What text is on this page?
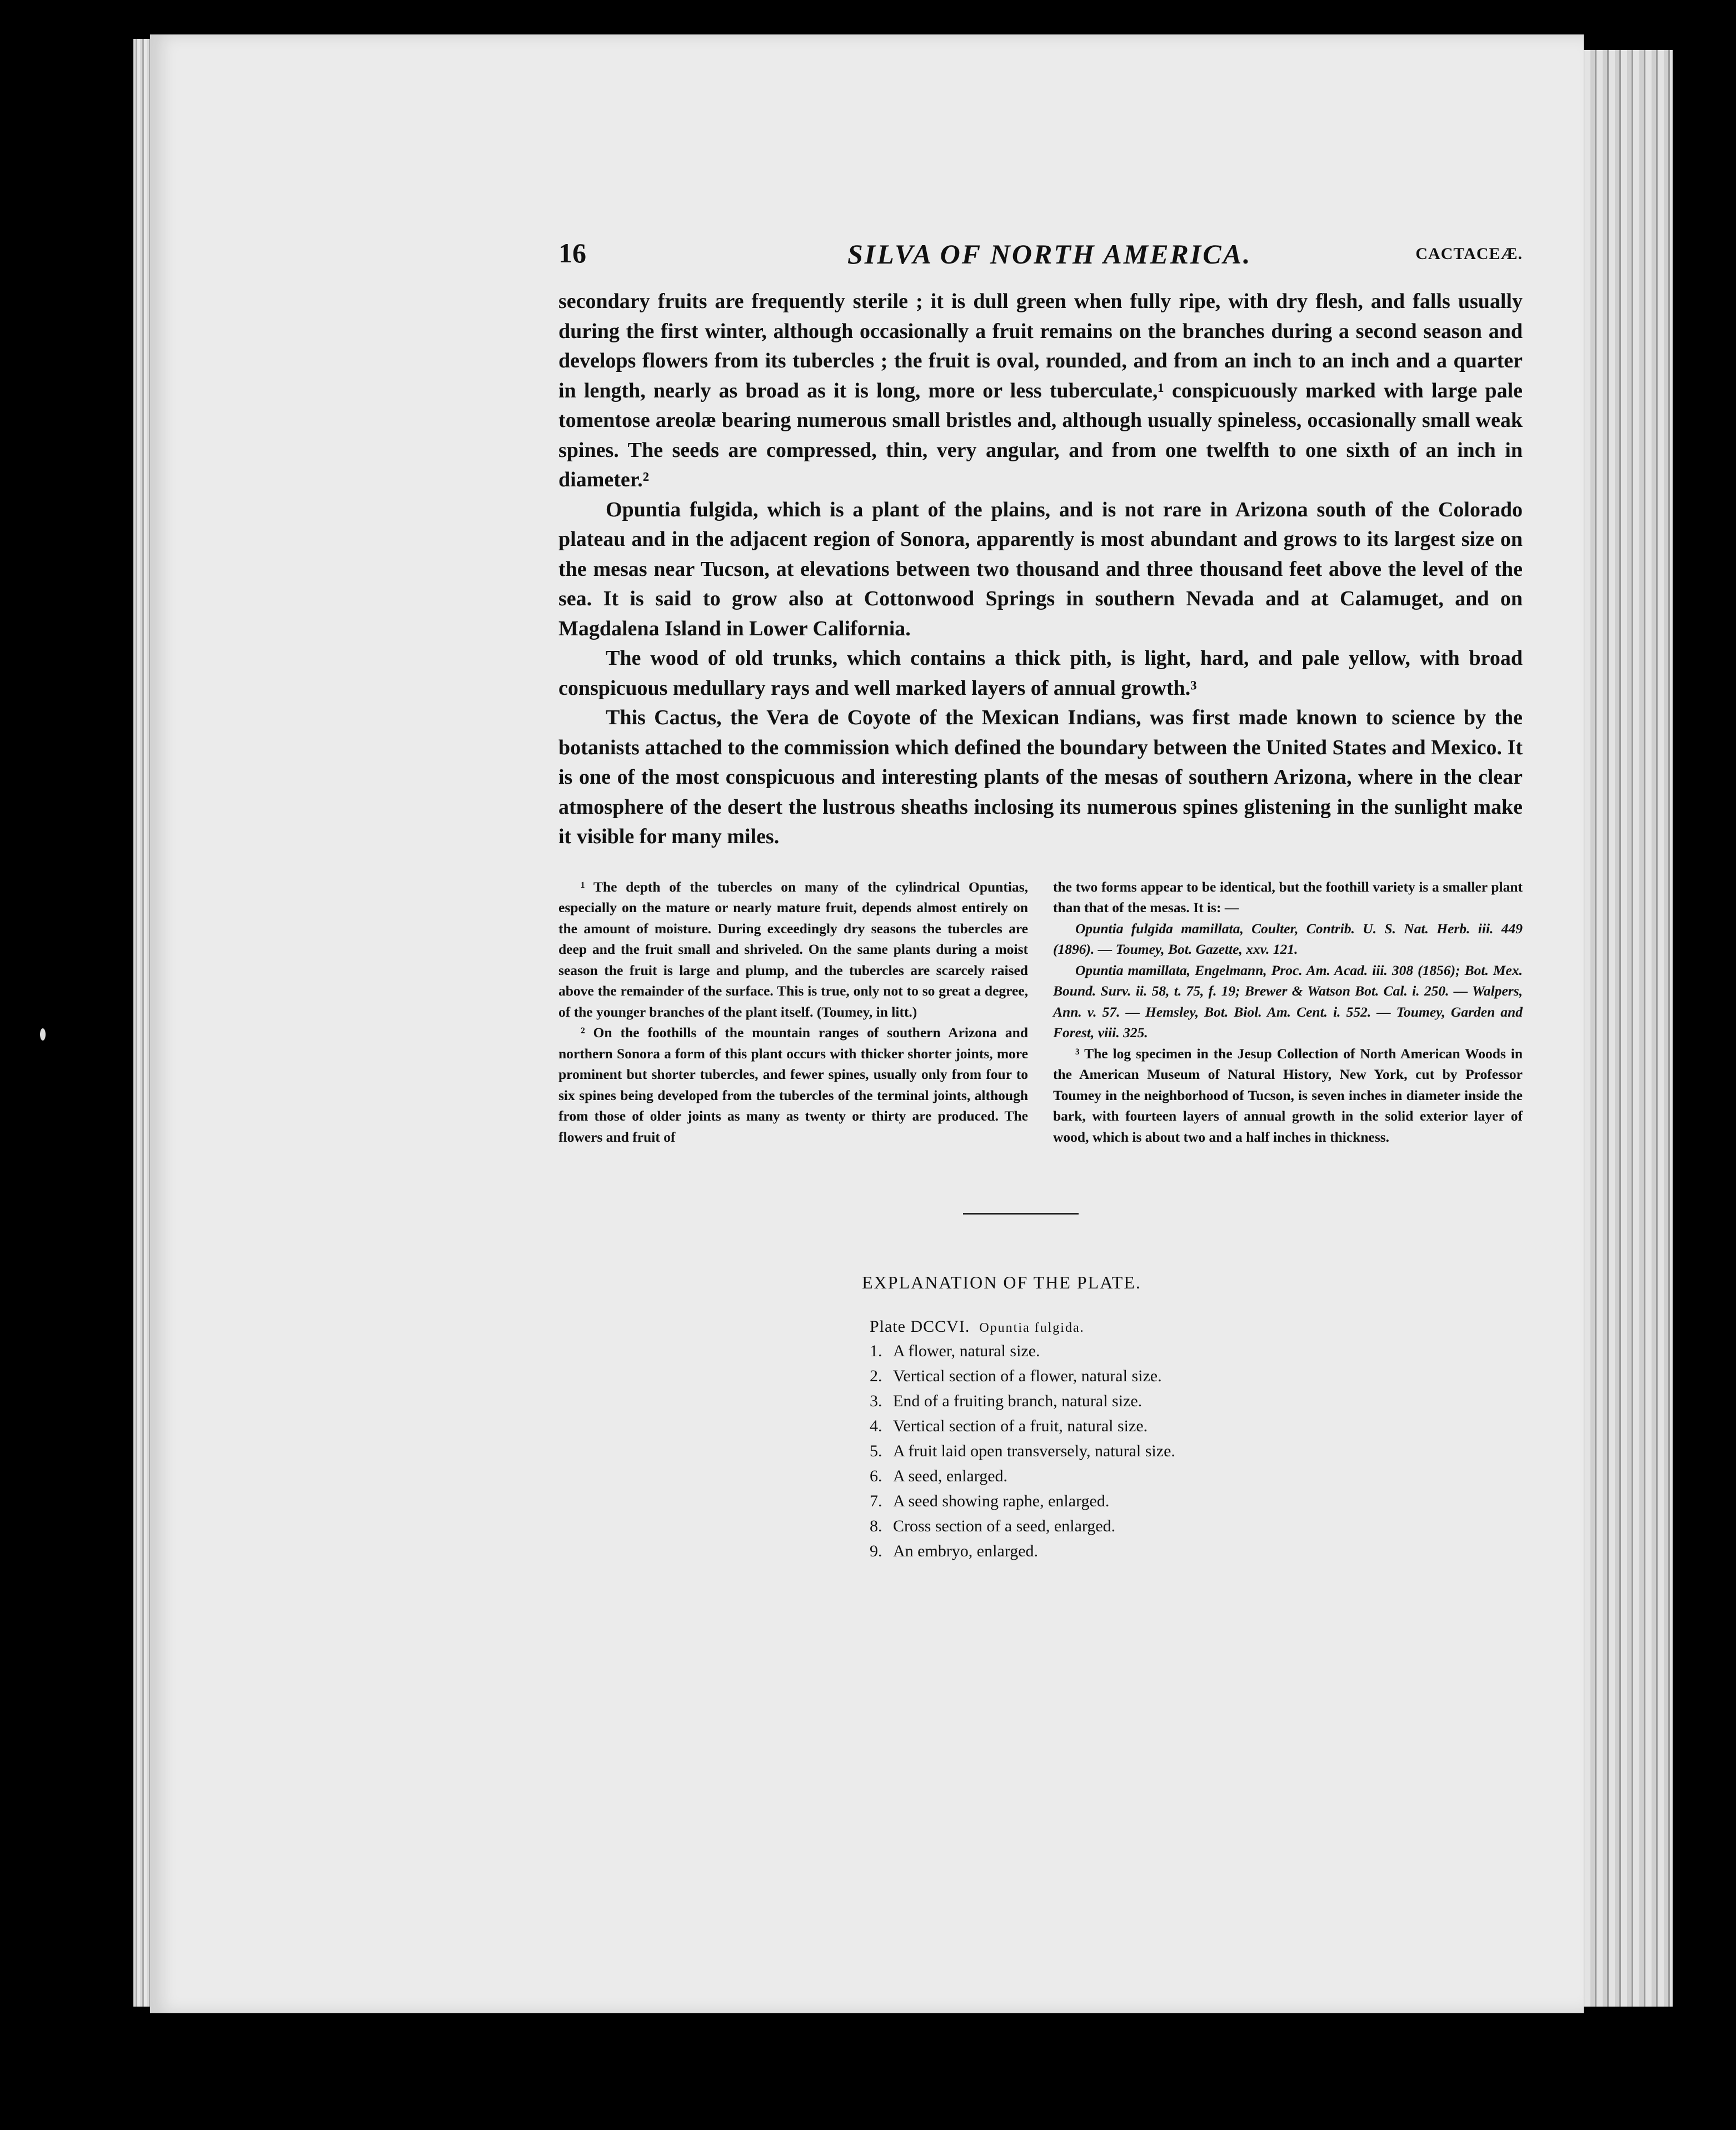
16	SILVA OF NORTH AMERICA.	CACTACEÆ.

secondary fruits are frequently sterile ; it is dull green when fully ripe, with dry flesh, and falls usually during the first winter, although occasionally a fruit remains on the branches during a second season and develops flowers from its tubercles ; the fruit is oval, rounded, and from an inch to an inch and a quarter in length, nearly as broad as it is long, more or less tuberculate,¹ conspicuously marked with large pale tomentose areolæ bearing numerous small bristles and, although usually spineless, occasionally small weak spines. The seeds are compressed, thin, very angular, and from one twelfth to one sixth of an inch in diameter.²

Opuntia fulgida, which is a plant of the plains, and is not rare in Arizona south of the Colorado plateau and in the adjacent region of Sonora, apparently is most abundant and grows to its largest size on the mesas near Tucson, at elevations between two thousand and three thousand feet above the level of the sea. It is said to grow also at Cottonwood Springs in southern Nevada and at Calamuget, and on Magdalena Island in Lower California.

The wood of old trunks, which contains a thick pith, is light, hard, and pale yellow, with broad conspicuous medullary rays and well marked layers of annual growth.³

This Cactus, the Vera de Coyote of the Mexican Indians, was first made known to science by the botanists attached to the commission which defined the boundary between the United States and Mexico. It is one of the most conspicuous and interesting plants of the mesas of southern Arizona, where in the clear atmosphere of the desert the lustrous sheaths inclosing its numerous spines glistening in the sunlight make it visible for many miles.

¹ The depth of the tubercles on many of the cylindrical Opuntias, especially on the mature or nearly mature fruit, depends almost entirely on the amount of moisture. During exceedingly dry seasons the tubercles are deep and the fruit small and shriveled. On the same plants during a moist season the fruit is large and plump, and the tubercles are scarcely raised above the remainder of the surface. This is true, only not to so great a degree, of the younger branches of the plant itself. (Toumey, in litt.)

² On the foothills of the mountain ranges of southern Arizona and northern Sonora a form of this plant occurs with thicker shorter joints, more prominent but shorter tubercles, and fewer spines, usually only from four to six spines being developed from the tubercles of the terminal joints, although from those of older joints as many as twenty or thirty are produced. The flowers and fruit of

the two forms appear to be identical, but the foothill variety is a smaller plant than that of the mesas. It is: —

Opuntia fulgida mamillata, Coulter, Contrib. U. S. Nat. Herb. iii. 449 (1896). — Toumey, Bot. Gazette, xxv. 121.

Opuntia mamillata, Engelmann, Proc. Am. Acad. iii. 308 (1856); Bot. Mex. Bound. Surv. ii. 58, t. 75, f. 19; Brewer & Watson Bot. Cal. i. 250. — Walpers, Ann. v. 57. — Hemsley, Bot. Biol. Am. Cent. i. 552. — Toumey, Garden and Forest, viii. 325.

³ The log specimen in the Jesup Collection of North American Woods in the American Museum of Natural History, New York, cut by Professor Toumey in the neighborhood of Tucson, is seven inches in diameter inside the bark, with fourteen layers of annual growth in the solid exterior layer of wood, which is about two and a half inches in thickness.

EXPLANATION OF THE PLATE.
Plate DCCVI. Opuntia fulgida.
1. A flower, natural size.
2. Vertical section of a flower, natural size.
3. End of a fruiting branch, natural size.
4. Vertical section of a fruit, natural size.
5. A fruit laid open transversely, natural size.
6. A seed, enlarged.
7. A seed showing raphe, enlarged.
8. Cross section of a seed, enlarged.
9. An embryo, enlarged.
